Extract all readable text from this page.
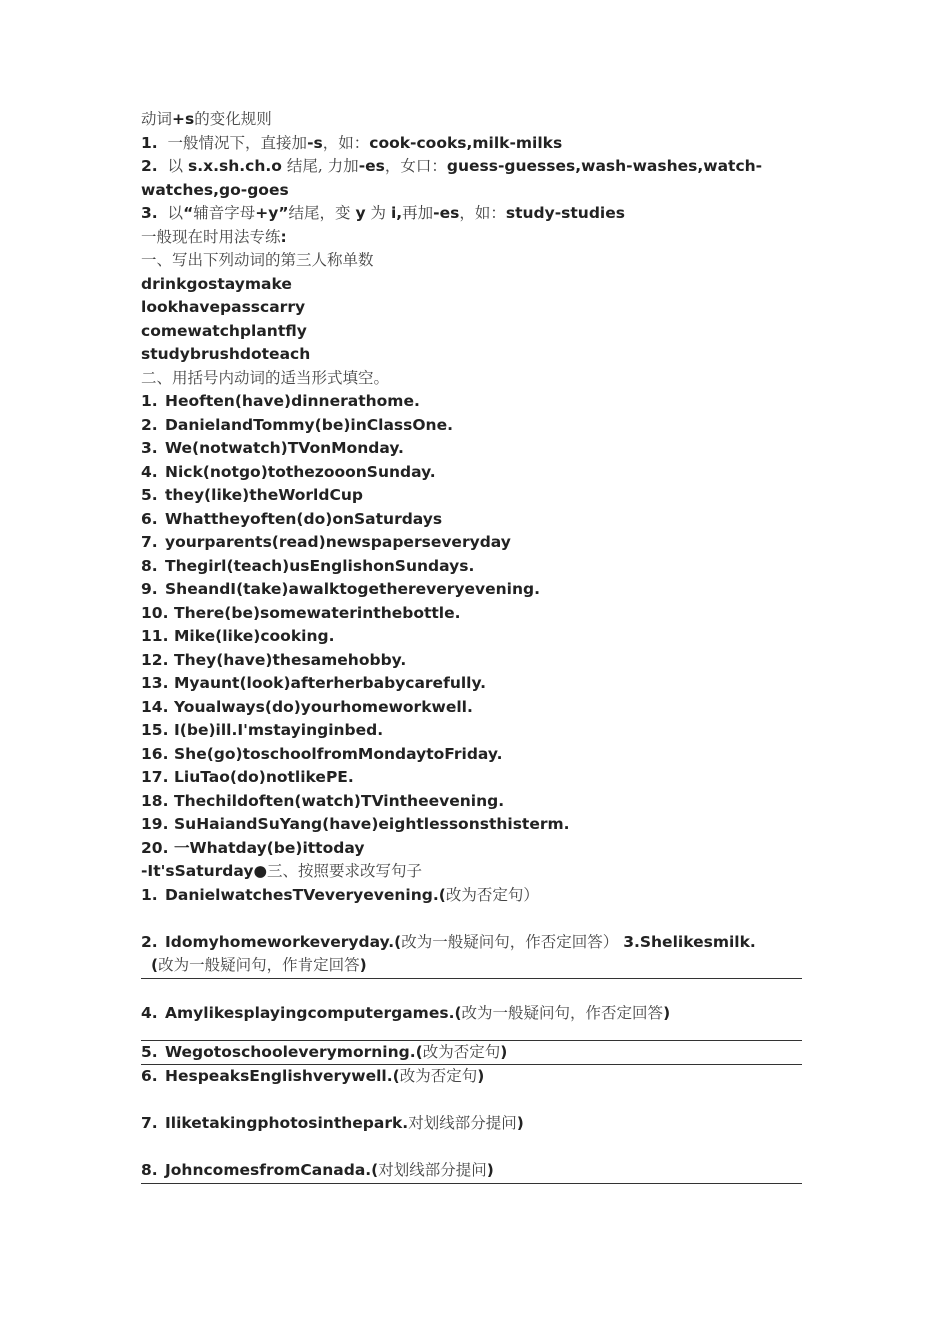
动词+s的变化规则
1. 一般情况下，直接加-s，如：cook-cooks,milk-milks
2. 以 s.x.sh.ch.o 结尾, 力加-es，女口：guess-guesses,wash-washes,watch-
watches,go-goes
3. 以“辅音字母+y”结尾，变 y 为 i,再加-es，如：study-studies
一般现在时用法专练:
一、写出下列动词的第三人称单数
drinkgostaymake
lookhavepasscarry
comewatchplantfly
studybrushdoteach
二、用括号内动词的适当形式填空。
1. Heoften(have)dinnerathome.
2. DanielandTommy(be)inClassOne.
3. We(notwatch)TVonMonday.
4. Nick(notgo)tothezooonSunday.
5. they(like)theWorldCup
6. Whattheyoften(do)onSaturdays
7. yourparents(read)newspaperseveryday
8. Thegirl(teach)usEnglishonSundays.
9. SheandI(take)awalktogethereveryevening.
10. There(be)somewaterinthebottle.
11. Mike(like)cooking.
12. They(have)thesamehobby.
13. Myaunt(look)afterherbabycarefully.
14. Youalways(do)yourhomeworkwell.
15. I(be)ill.I'mstayinginbed.
16. She(go)toschoolfromMondaytoFriday.
17. LiuTao(do)notlikePE.
18. Thechildoften(watch)TVintheevening.
19. SuHaiandSuYang(have)eightlessonsthisterm.
20. 一Whatday(be)ittoday
-It'sSaturday●三、按照要求改写句子
1. DanielwatchesTVeveryevening.(改为否定句）
2. Idomyhomeworkeveryday.(改为一般疑问句，作否定回答） 3.Shelikesmilk.
(改为一般疑问句，作肯定回答)
4. Amylikesplayingcomputergames.(改为一般疑问句，作否定回答)
5. Wegotoschooleverymorning.(改为否定句)
6. HespeaksEnglishverywell.(改为否定句)
7. Iliketakingphotosinthepark.对划线部分提问)
8. JohncomesfromCanada.(对划线部分提问)
